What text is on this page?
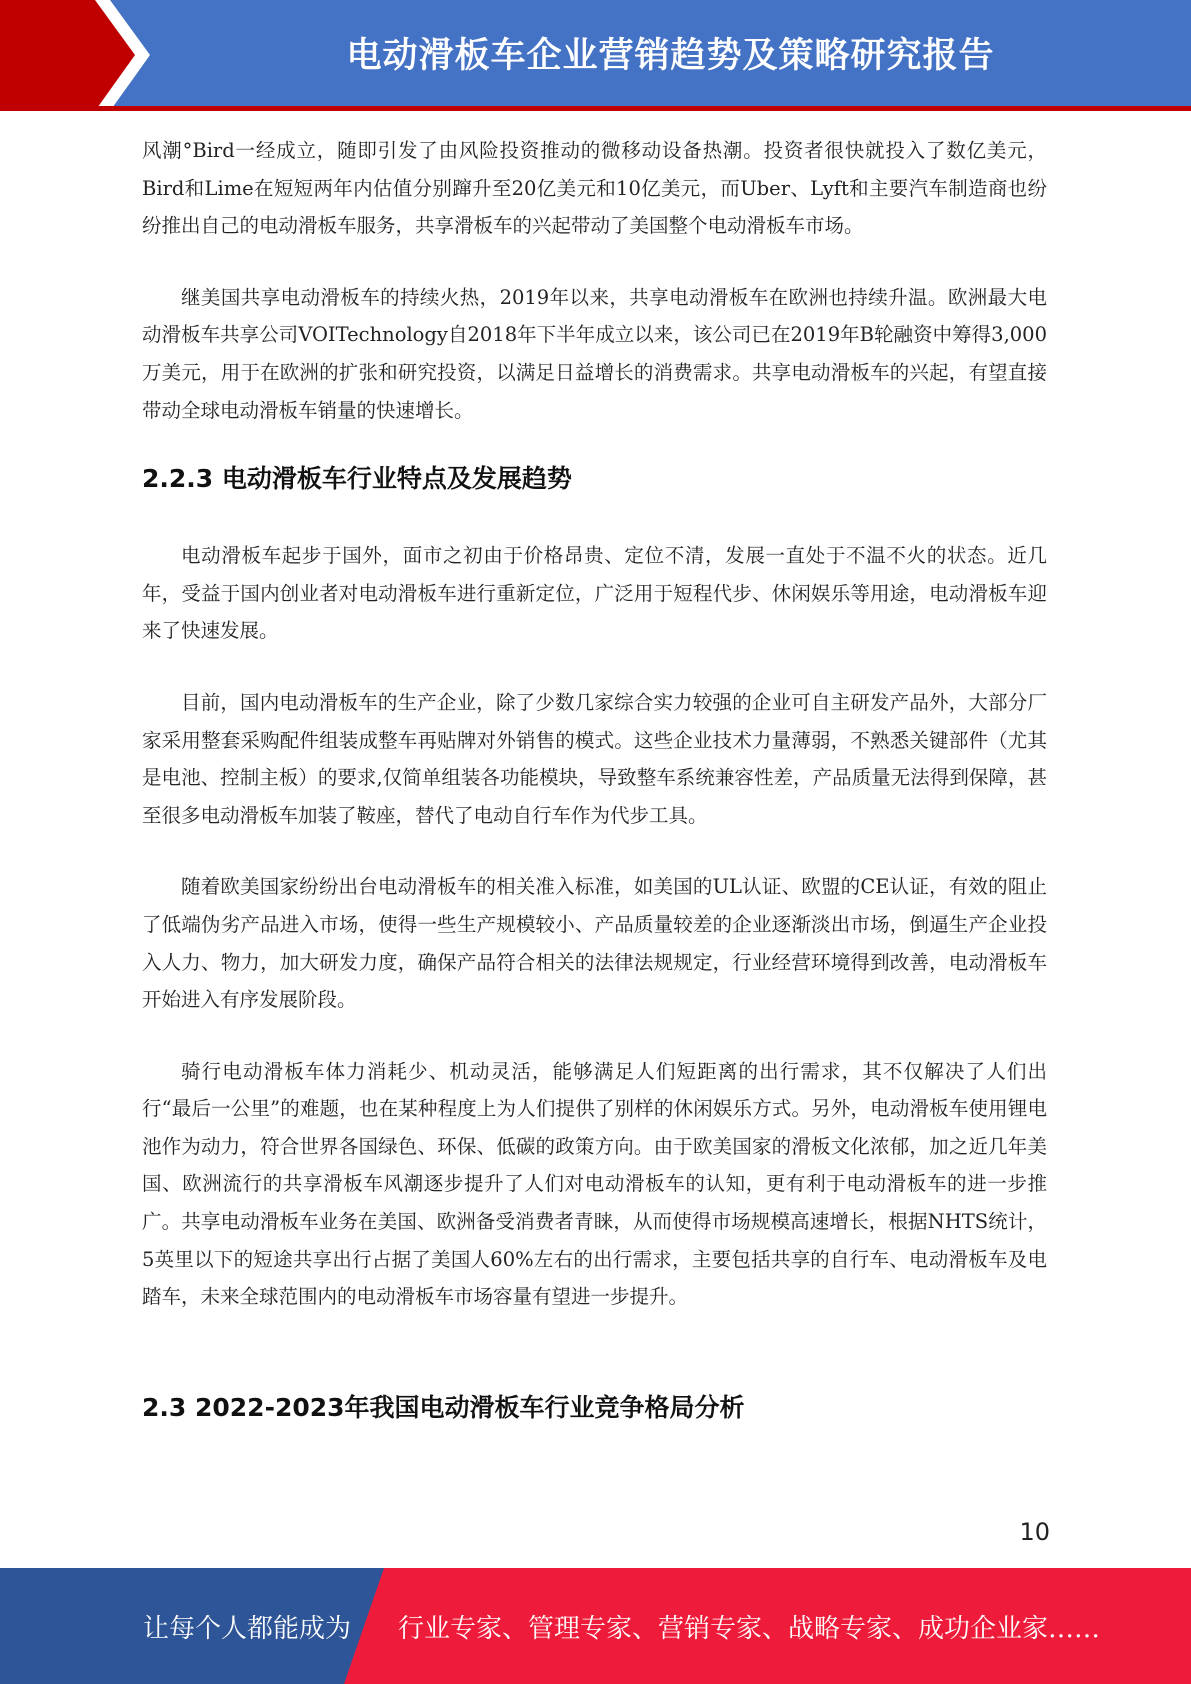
电动滑板车企业营销趋势及策略研究报告

风潮°Bird一经成立，随即引发了由风险投资推动的微移动设备热潮。投资者很快就投入了数亿美元，Bird和Lime在短短两年内估值分别蹿升至20亿美元和10亿美元，而Uber、Lyft和主要汽车制造商也纷纷推出自己的电动滑板车服务，共享滑板车的兴起带动了美国整个电动滑板车市场。

继美国共享电动滑板车的持续火热，2019年以来，共享电动滑板车在欧洲也持续升温。欧洲最大电动滑板车共享公司VOITechnology自2018年下半年成立以来，该公司已在2019年B轮融资中筹得3,000万美元，用于在欧洲的扩张和研究投资，以满足日益增长的消费需求。共享电动滑板车的兴起，有望直接带动全球电动滑板车销量的快速增长。

2.2.3 电动滑板车行业特点及发展趋势

电动滑板车起步于国外，面市之初由于价格昂贵、定位不清，发展一直处于不温不火的状态。近几年，受益于国内创业者对电动滑板车进行重新定位，广泛用于短程代步、休闲娱乐等用途，电动滑板车迎来了快速发展。

目前，国内电动滑板车的生产企业，除了少数几家综合实力较强的企业可自主研发产品外，大部分厂家采用整套采购配件组装成整车再贴牌对外销售的模式。这些企业技术力量薄弱，不熟悉关键部件（尤其是电池、控制主板）的要求,仅简单组装各功能模块，导致整车系统兼容性差，产品质量无法得到保障，甚至很多电动滑板车加装了鞍座，替代了电动自行车作为代步工具。

随着欧美国家纷纷出台电动滑板车的相关准入标准，如美国的UL认证、欧盟的CE认证，有效的阻止了低端伪劣产品进入市场，使得一些生产规模较小、产品质量较差的企业逐渐淡出市场，倒逼生产企业投入人力、物力，加大研发力度，确保产品符合相关的法律法规规定，行业经营环境得到改善，电动滑板车开始进入有序发展阶段。

骑行电动滑板车体力消耗少、机动灵活，能够满足人们短距离的出行需求，其不仅解决了人们出行“最后一公里”的难题，也在某种程度上为人们提供了别样的休闲娱乐方式。另外，电动滑板车使用锂电池作为动力，符合世界各国绿色、环保、低碳的政策方向。由于欧美国家的滑板文化浓郁，加之近几年美国、欧洲流行的共享滑板车风潮逐步提升了人们对电动滑板车的认知，更有利于电动滑板车的进一步推广。共享电动滑板车业务在美国、欧洲备受消费者青睐，从而使得市场规模高速增长，根据NHTS统计，5英里以下的短途共享出行占据了美国人60%左右的出行需求，主要包括共享的自行车、电动滑板车及电踏车，未来全球范围内的电动滑板车市场容量有望进一步提升。

2.3 2022-2023年我国电动滑板车行业竞争格局分析
10
让每个人都能成为 行业专家、管理专家、营销专家、战略专家、成功企业家……
